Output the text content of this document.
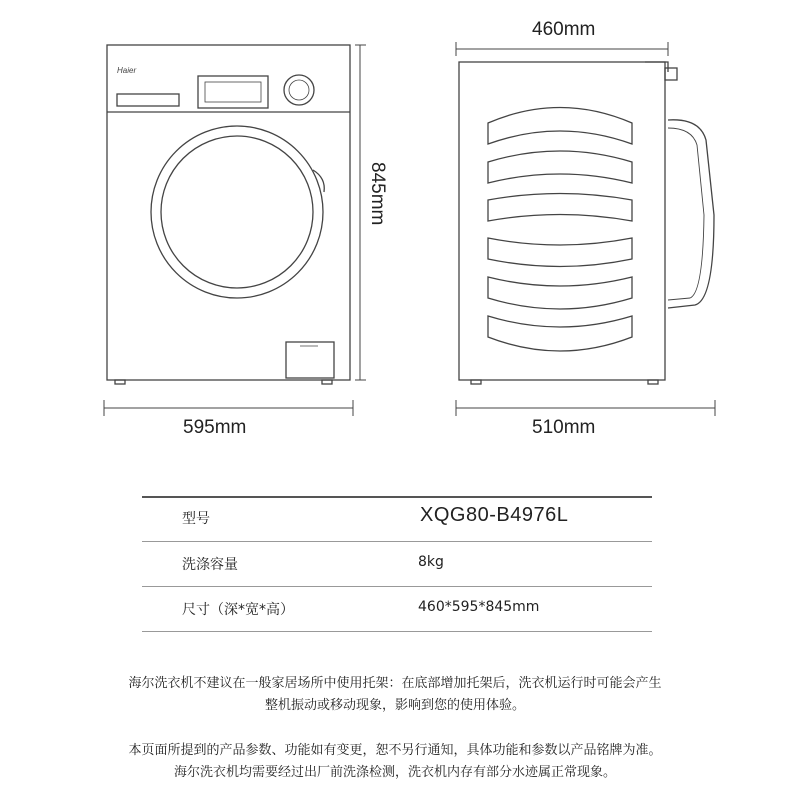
Haier
460mm
845mm
595mm	510mm
型号	XQG80-B4976L
洗涤容量	8kg
尺寸（深*宽*高）	460*595*845mm
海尔洗衣机不建议在一般家居场所中使用托架：在底部增加托架后，洗衣机运行时可能会产生
整机振动或移动现象，影响到您的使用体验。
本页面所提到的产品参数、功能如有变更，恕不另行通知，具体功能和参数以产品铭牌为准。
海尔洗衣机均需要经过出厂前洗涤检测，洗衣机内存有部分水迹属正常现象。
